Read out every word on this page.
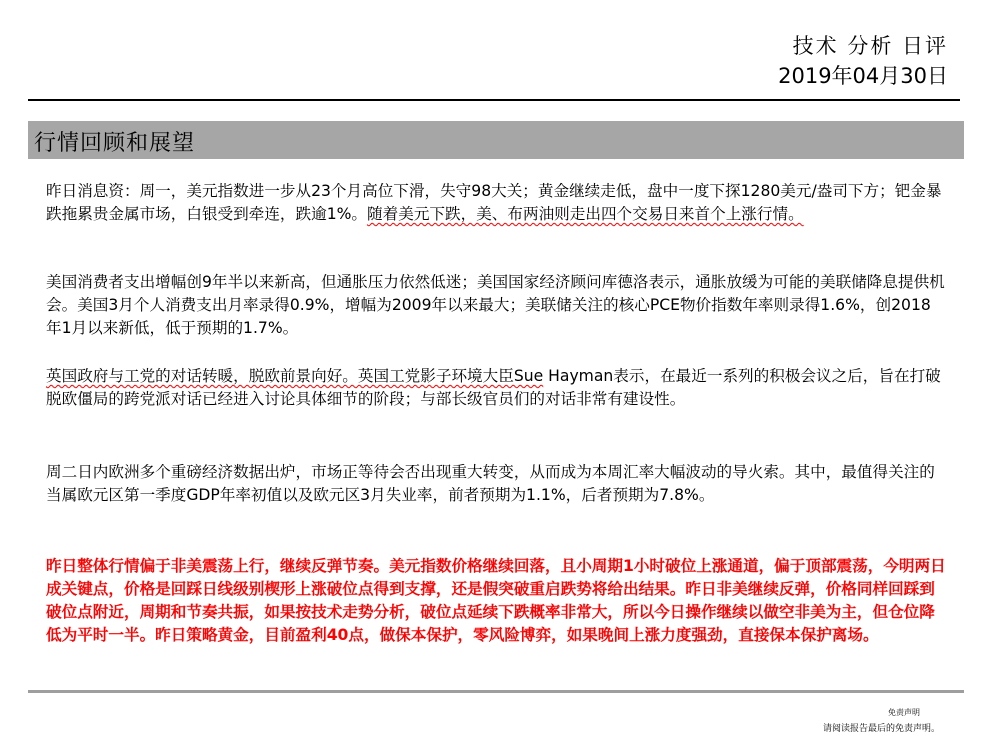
技术 分析 日评
2019年04月30日
行情回顾和展望
昨日消息资：周一，美元指数进一步从23个月高位下滑，失守98大关；黄金继续走低，盘中一度下探1280美元/盎司下方；钯金暴跌拖累贵金属市场，白银受到牵连，跌逾1%。随着美元下跌，美、布两油则走出四个交易日来首个上涨行情。
美国消费者支出增幅创9年半以来新高，但通胀压力依然低迷；美国国家经济顾问库德洛表示，通胀放缓为可能的美联储降息提供机会。美国3月个人消费支出月率录得0.9%，增幅为2009年以来最大；美联储关注的核心PCE物价指数年率则录得1.6%，创2018年1月以来新低，低于预期的1.7%。
英国政府与工党的对话转暖，脱欧前景向好。英国工党影子环境大臣Sue Hayman表示，在最近一系列的积极会议之后，旨在打破脱欧僵局的跨党派对话已经进入讨论具体细节的阶段；与部长级官员们的对话非常有建设性。
周二日内欧洲多个重磅经济数据出炉，市场正等待会否出现重大转变，从而成为本周汇率大幅波动的导火索。其中，最值得关注的当属欧元区第一季度GDP年率初值以及欧元区3月失业率，前者预期为1.1%，后者预期为7.8%。
昨日整体行情偏于非美震荡上行，继续反弹节奏。美元指数价格继续回落，且小周期1小时破位上涨通道，偏于顶部震荡，今明两日成关键点，价格是回踩日线级别楔形上涨破位点得到支撑，还是假突破重启跌势将给出结果。昨日非美继续反弹，价格同样回踩到破位点附近，周期和节奏共振，如果按技术走势分析，破位点延续下跌概率非常大，所以今日操作继续以做空非美为主，但仓位降低为平时一半。昨日策略黄金，目前盈利40点，做保本保护，零风险博弈，如果晚间上涨力度强劲，直接保本保护离场。
免责声明
请阅读报告最后的免责声明。
